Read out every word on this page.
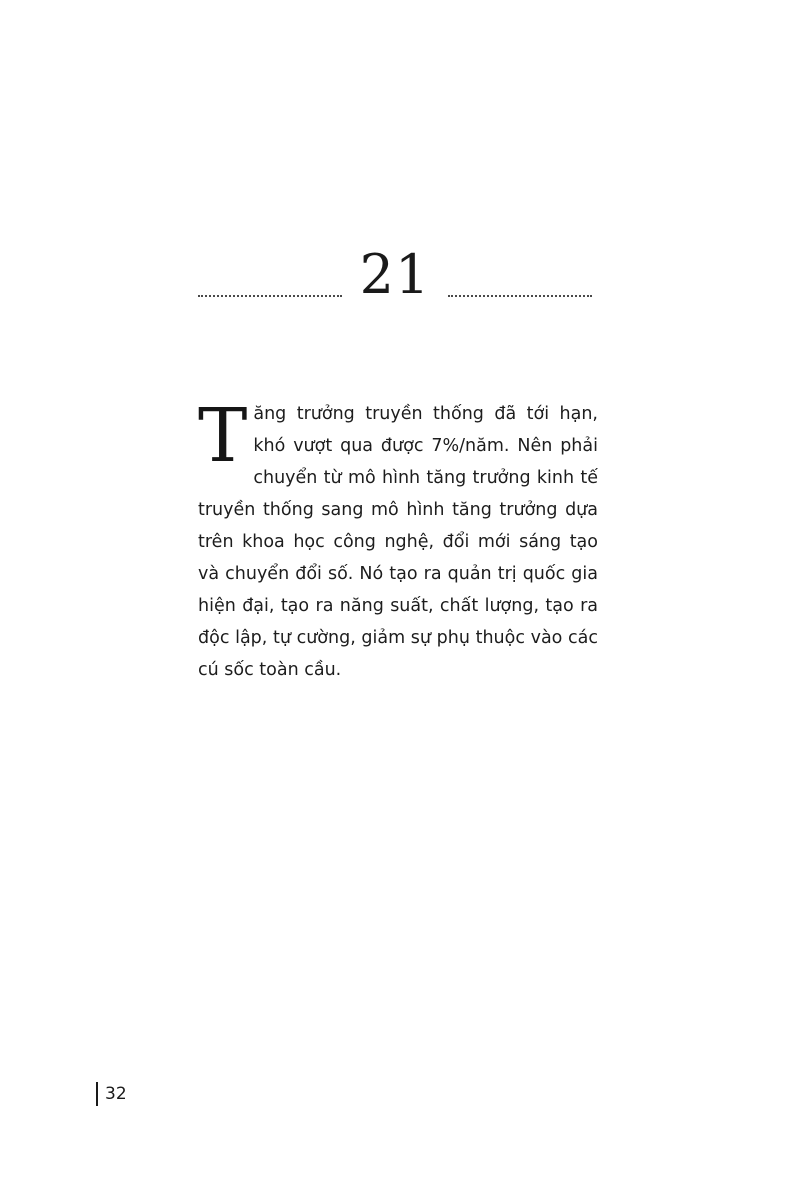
21

Tăng trưởng truyền thống đã tới hạn, khó vượt qua được 7%/năm. Nên phải chuyển từ mô hình tăng trưởng kinh tế truyền thống sang mô hình tăng trưởng dựa trên khoa học công nghệ, đổi mới sáng tạo và chuyển đổi số. Nó tạo ra quản trị quốc gia hiện đại, tạo ra năng suất, chất lượng, tạo ra độc lập, tự cường, giảm sự phụ thuộc vào các cú sốc toàn cầu.

32
